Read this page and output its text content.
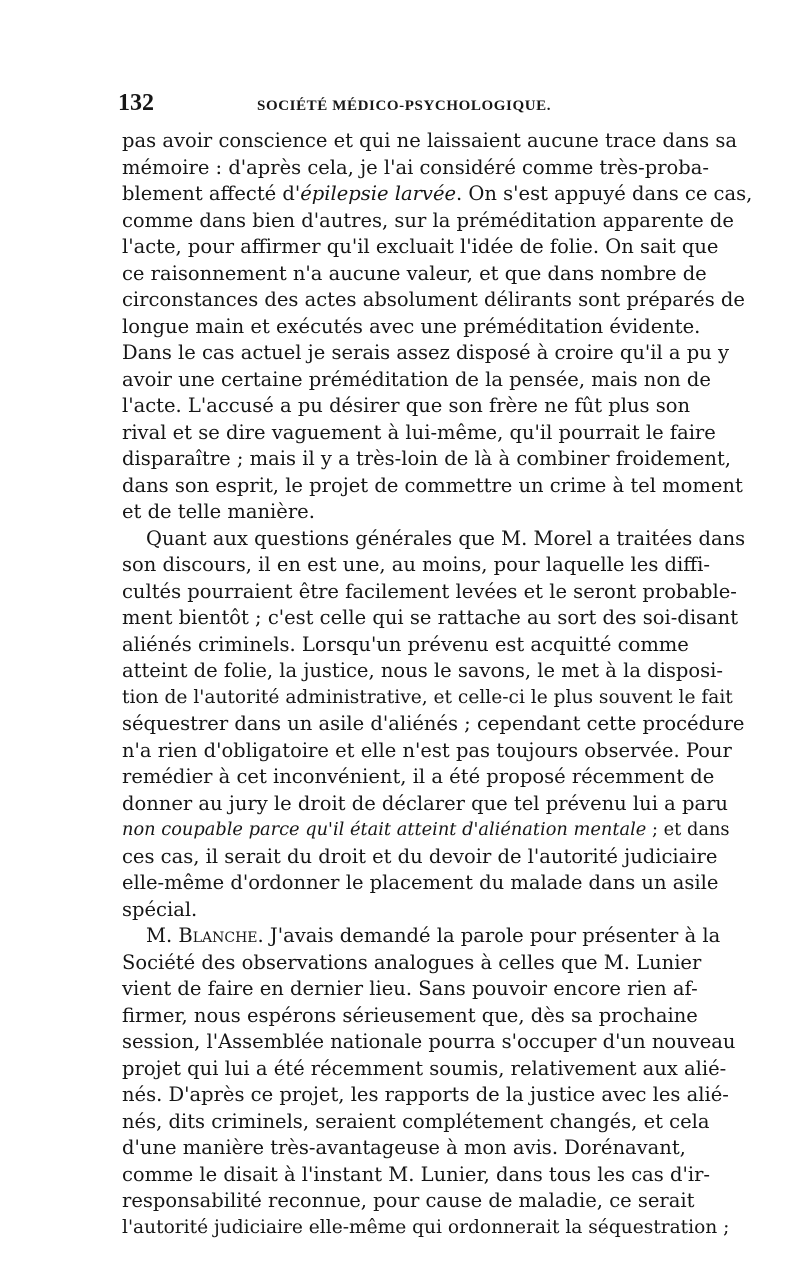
132	SOCIÉTÉ MÉDICO-PSYCHOLOGIQUE.
pas avoir conscience et qui ne laissaient aucune trace dans sa
mémoire : d'après cela, je l'ai considéré comme très-proba-
blement affecté d'épilepsie larvée. On s'est appuyé dans ce cas,
comme dans bien d'autres, sur la préméditation apparente de
l'acte, pour affirmer qu'il excluait l'idée de folie. On sait que
ce raisonnement n'a aucune valeur, et que dans nombre de
circonstances des actes absolument délirants sont préparés de
longue main et exécutés avec une préméditation évidente.
Dans le cas actuel je serais assez disposé à croire qu'il a pu y
avoir une certaine préméditation de la pensée, mais non de
l'acte. L'accusé a pu désirer que son frère ne fût plus son
rival et se dire vaguement à lui-même, qu'il pourrait le faire
disparaître ; mais il y a très-loin de là à combiner froidement,
dans son esprit, le projet de commettre un crime à tel moment
et de telle manière.
Quant aux questions générales que M. Morel a traitées dans
son discours, il en est une, au moins, pour laquelle les diffi-
cultés pourraient être facilement levées et le seront probable-
ment bientôt ; c'est celle qui se rattache au sort des soi-disant
aliénés criminels. Lorsqu'un prévenu est acquitté comme
atteint de folie, la justice, nous le savons, le met à la disposi-
tion de l'autorité administrative, et celle-ci le plus souvent le fait
séquestrer dans un asile d'aliénés ; cependant cette procédure
n'a rien d'obligatoire et elle n'est pas toujours observée. Pour
remédier à cet inconvénient, il a été proposé récemment de
donner au jury le droit de déclarer que tel prévenu lui a paru
non coupable parce qu'il était atteint d'aliénation mentale ; et dans
ces cas, il serait du droit et du devoir de l'autorité judiciaire
elle-même d'ordonner le placement du malade dans un asile
spécial.
M. Blanche. J'avais demandé la parole pour présenter à la
Société des observations analogues à celles que M. Lunier
vient de faire en dernier lieu. Sans pouvoir encore rien af-
firmer, nous espérons sérieusement que, dès sa prochaine
session, l'Assemblée nationale pourra s'occuper d'un nouveau
projet qui lui a été récemment soumis, relativement aux alié-
nés. D'après ce projet, les rapports de la justice avec les alié-
nés, dits criminels, seraient complétement changés, et cela
d'une manière très-avantageuse à mon avis. Dorénavant,
comme le disait à l'instant M. Lunier, dans tous les cas d'ir-
responsabilité reconnue, pour cause de maladie, ce serait
l'autorité judiciaire elle-même qui ordonnerait la séquestration ;
